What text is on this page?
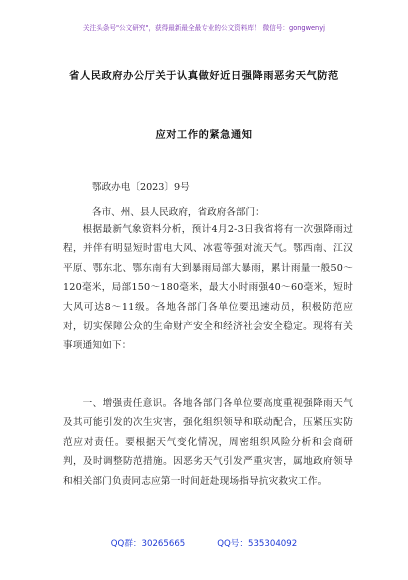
关注头条号"公文研究"，获得最新最全最专业的公文资料库！ 微信号：gongwenyj
省人民政府办公厅关于认真做好近日强降雨恶劣天气防范
应对工作的紧急通知
鄂政办电〔2023〕9号
各市、州、县人民政府，省政府各部门：

根据最新气象资料分析，预计4月2-3日我省将有一次强降雨过程，并伴有明显短时雷电大风、冰雹等强对流天气。鄂西南、江汉平原、鄂东北、鄂东南有大到暴雨局部大暴雨，累计雨量一般50～120毫米，局部150～180毫米，最大小时雨强40～60毫米，短时大风可达8～11级。各地各部门各单位要迅速动员，积极防范应对，切实保障公众的生命财产安全和经济社会安全稳定。现将有关事项通知如下：

一、增强责任意识。各地各部门各单位要高度重视强降雨天气及其可能引发的次生灾害，强化组织领导和联动配合，压紧压实防范应对责任。要根据天气变化情况，周密组织风险分析和会商研判，及时调整防范措施。因恶劣天气引发严重灾害，属地政府领导和相关部门负责同志应第一时间赶赴现场指导抗灾救灾工作。

QQ群：30265665	QQ号：535304092
